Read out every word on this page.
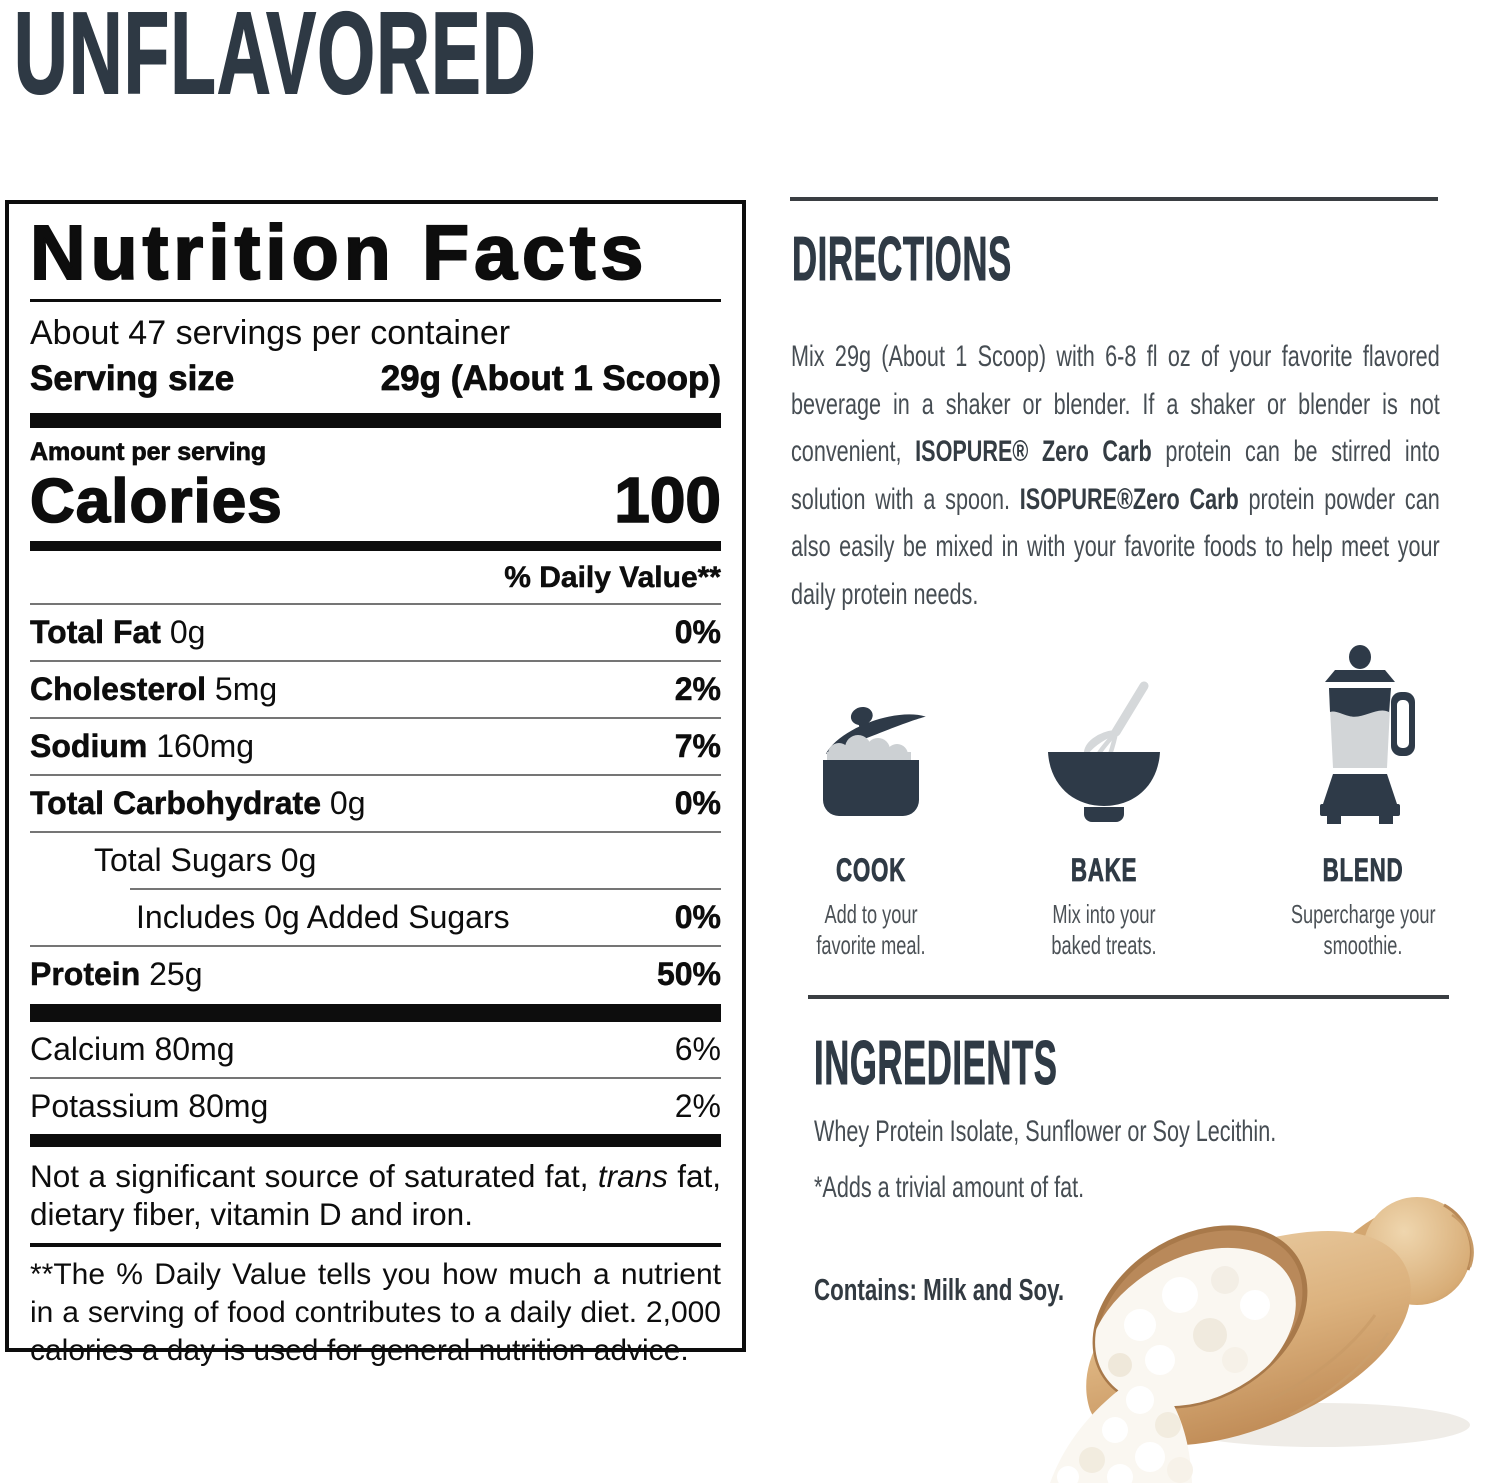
UNFLAVORED
Nutrition Facts
About 47 servings per container
Serving size	29g (About 1 Scoop)
Amount per serving
Calories	100
% Daily Value**
Total Fat 0g	0%
Cholesterol 5mg	2%
Sodium 160mg	7%
Total Carbohydrate 0g	0%
Total Sugars 0g
Includes 0g Added Sugars	0%
Protein 25g	50%
Calcium 80mg	6%
Potassium 80mg	2%
Not a significant source of saturated fat, trans fat, dietary fiber, vitamin D and iron.
**The % Daily Value tells you how much a nutrient in a serving of food contributes to a daily diet. 2,000 calories a day is used for general nutrition advice.
DIRECTIONS
Mix 29g (About 1 Scoop) with 6-8 fl oz of your favorite flavored beverage in a shaker or blender. If a shaker or blender is not convenient, ISOPURE® Zero Carb protein can be stirred into solution with a spoon. ISOPURE®Zero Carb protein powder can also easily be mixed in with your favorite foods to help meet your daily protein needs.
COOK
Add to your
favorite meal.
BAKE
Mix into your
baked treats.
BLEND
Supercharge your
smoothie.
INGREDIENTS
Whey Protein Isolate, Sunflower or Soy Lecithin.
*Adds a trivial amount of fat.
Contains: Milk and Soy.
